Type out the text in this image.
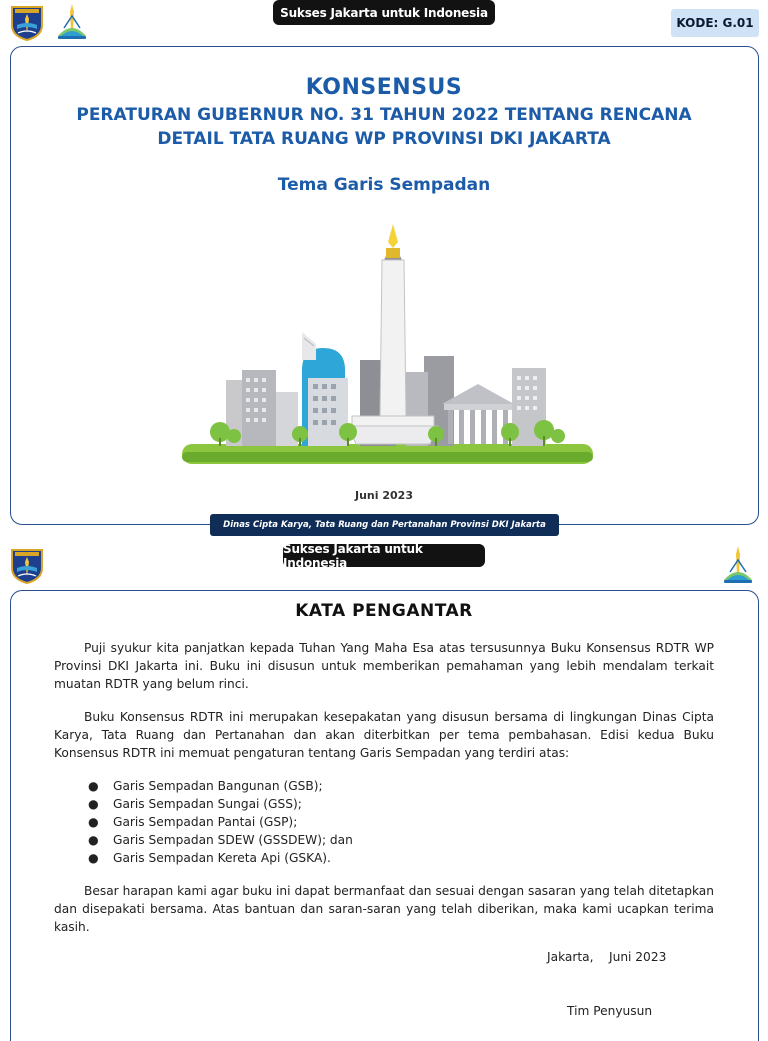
Sukses Jakarta untuk Indonesia
KODE: G.01
KONSENSUS
PERATURAN GUBERNUR NO. 31 TAHUN 2022 TENTANG RENCANA
DETAIL TATA RUANG WP PROVINSI DKI JAKARTA
Tema Garis Sempadan
Juni 2023
Dinas Cipta Karya, Tata Ruang dan Pertanahan Provinsi DKI Jakarta
Sukses Jakarta untuk Indonesia
KATA PENGANTAR

Puji syukur kita panjatkan kepada Tuhan Yang Maha Esa atas tersusunnya Buku Konsensus RDTR WP Provinsi DKI Jakarta ini. Buku ini disusun untuk memberikan pemahaman yang lebih mendalam terkait muatan RDTR yang belum rinci.

Buku Konsensus RDTR ini merupakan kesepakatan yang disusun bersama di lingkungan Dinas Cipta Karya, Tata Ruang dan Pertanahan dan akan diterbitkan per tema pembahasan. Edisi kedua Buku Konsensus RDTR ini memuat pengaturan tentang Garis Sempadan yang terdiri atas:

● Garis Sempadan Bangunan (GSB);
● Garis Sempadan Sungai (GSS);
● Garis Sempadan Pantai (GSP);
● Garis Sempadan SDEW (GSSDEW); dan
● Garis Sempadan Kereta Api (GSKA).

Besar harapan kami agar buku ini dapat bermanfaat dan sesuai dengan sasaran yang telah ditetapkan dan disepakati bersama. Atas bantuan dan saran-saran yang telah diberikan, maka kami ucapkan terima kasih.

Jakarta,    Juni 2023
Tim Penyusun
